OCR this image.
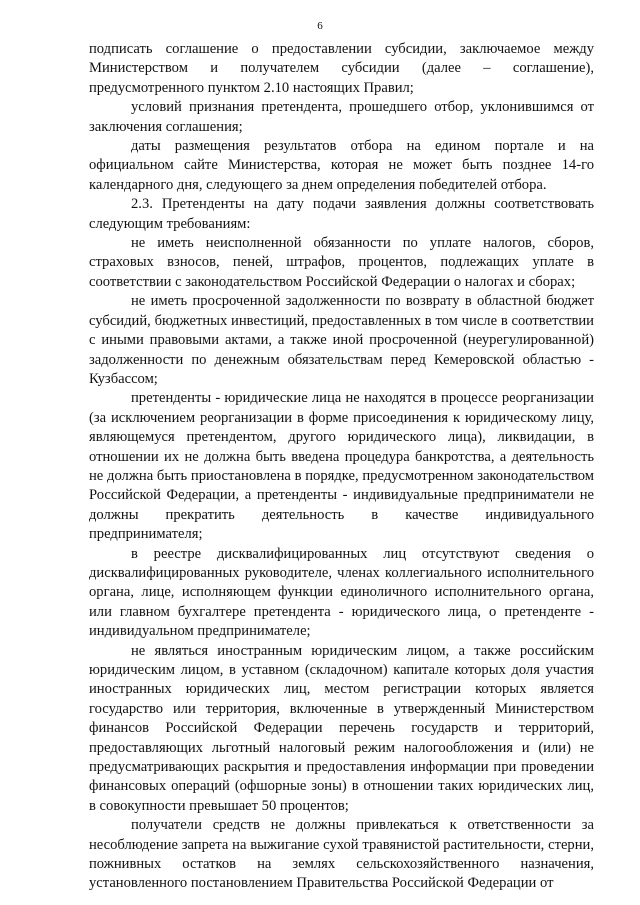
6

подписать соглашение о предоставлении субсидии, заключаемое между Министерством и получателем субсидии (далее – соглашение), предусмотренного пунктом 2.10 настоящих Правил;

условий признания претендента, прошедшего отбор, уклонившимся от заключения соглашения;

даты размещения результатов отбора на едином портале и на официальном сайте Министерства, которая не может быть позднее 14-го календарного дня, следующего за днем определения победителей отбора.

2.3. Претенденты на дату подачи заявления должны соответствовать следующим требованиям:

не иметь неисполненной обязанности по уплате налогов, сборов, страховых взносов, пеней, штрафов, процентов, подлежащих уплате в соответствии с законодательством Российской Федерации о налогах и сборах;

не иметь просроченной задолженности по возврату в областной бюджет субсидий, бюджетных инвестиций, предоставленных в том числе в соответствии с иными правовыми актами, а также иной просроченной (неурегулированной) задолженности по денежным обязательствам перед Кемеровской областью - Кузбассом;

претенденты - юридические лица не находятся в процессе реорганизации (за исключением реорганизации в форме присоединения к юридическому лицу, являющемуся претендентом, другого юридического лица), ликвидации, в отношении их не должна быть введена процедура банкротства, а деятельность не должна быть приостановлена в порядке, предусмотренном законодательством Российской Федерации, а претенденты - индивидуальные предприниматели не должны прекратить деятельность в качестве индивидуального предпринимателя;

в реестре дисквалифицированных лиц отсутствуют сведения о дисквалифицированных руководителе, членах коллегиального исполнительного органа, лице, исполняющем функции единоличного исполнительного органа, или главном бухгалтере претендента - юридического лица, о претенденте - индивидуальном предпринимателе;

не являться иностранным юридическим лицом, а также российским юридическим лицом, в уставном (складочном) капитале которых доля участия иностранных юридических лиц, местом регистрации которых является государство или территория, включенные в утвержденный Министерством финансов Российской Федерации перечень государств и территорий, предоставляющих льготный налоговый режим налогообложения и (или) не предусматривающих раскрытия и предоставления информации при проведении финансовых операций (офшорные зоны) в отношении таких юридических лиц, в совокупности превышает 50 процентов;

получатели средств не должны привлекаться к ответственности за несоблюдение запрета на выжигание сухой травянистой растительности, стерни, пожнивных остатков на землях сельскохозяйственного назначения, установленного постановлением Правительства Российской Федерации от
